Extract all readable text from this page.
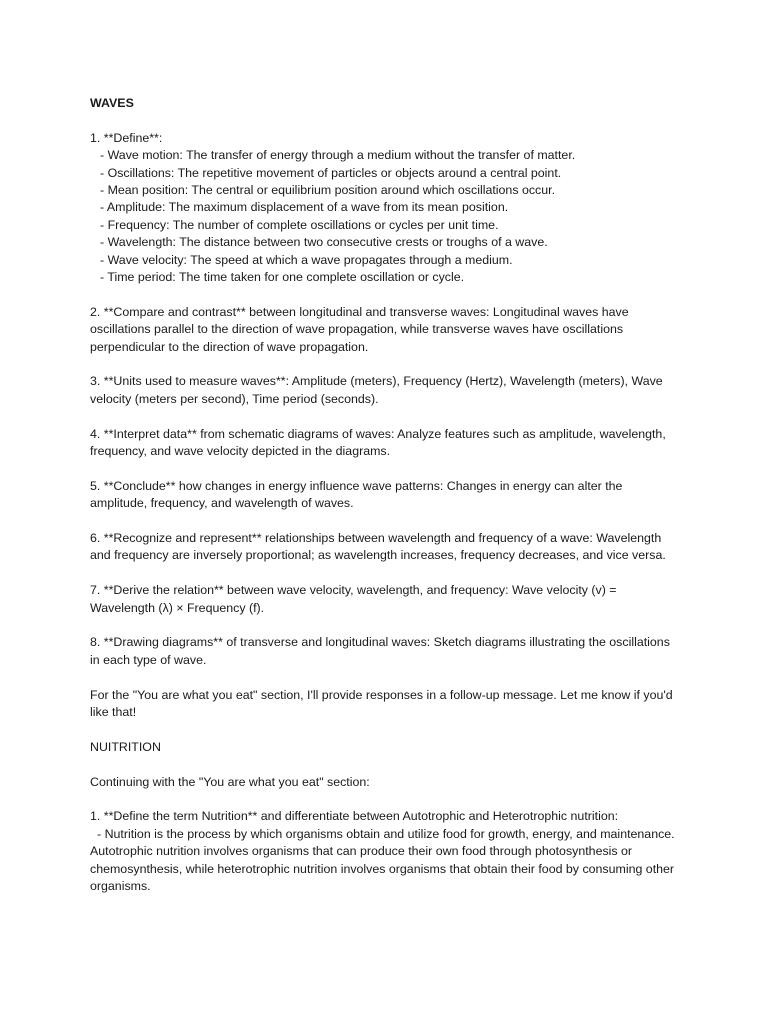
WAVES

1. **Define**:

- Wave motion: The transfer of energy through a medium without the transfer of matter.

- Oscillations: The repetitive movement of particles or objects around a central point.

- Mean position: The central or equilibrium position around which oscillations occur.

- Amplitude: The maximum displacement of a wave from its mean position.

- Frequency: The number of complete oscillations or cycles per unit time.

- Wavelength: The distance between two consecutive crests or troughs of a wave.

- Wave velocity: The speed at which a wave propagates through a medium.

- Time period: The time taken for one complete oscillation or cycle.

2. **Compare and contrast** between longitudinal and transverse waves: Longitudinal waves have oscillations parallel to the direction of wave propagation, while transverse waves have oscillations perpendicular to the direction of wave propagation.

3. **Units used to measure waves**: Amplitude (meters), Frequency (Hertz), Wavelength (meters), Wave velocity (meters per second), Time period (seconds).

4. **Interpret data** from schematic diagrams of waves: Analyze features such as amplitude, wavelength, frequency, and wave velocity depicted in the diagrams.

5. **Conclude** how changes in energy influence wave patterns: Changes in energy can alter the amplitude, frequency, and wavelength of waves.

6. **Recognize and represent** relationships between wavelength and frequency of a wave: Wavelength and frequency are inversely proportional; as wavelength increases, frequency decreases, and vice versa.

7. **Derive the relation** between wave velocity, wavelength, and frequency: Wave velocity (v) = Wavelength (λ) × Frequency (f).

8. **Drawing diagrams** of transverse and longitudinal waves: Sketch diagrams illustrating the oscillations in each type of wave.

For the "You are what you eat" section, I'll provide responses in a follow-up message. Let me know if you'd like that!

NUITRITION

Continuing with the "You are what you eat" section:

1. **Define the term Nutrition** and differentiate between Autotrophic and Heterotrophic nutrition:

- Nutrition is the process by which organisms obtain and utilize food for growth, energy, and maintenance. Autotrophic nutrition involves organisms that can produce their own food through photosynthesis or chemosynthesis, while heterotrophic nutrition involves organisms that obtain their food by consuming other organisms.
